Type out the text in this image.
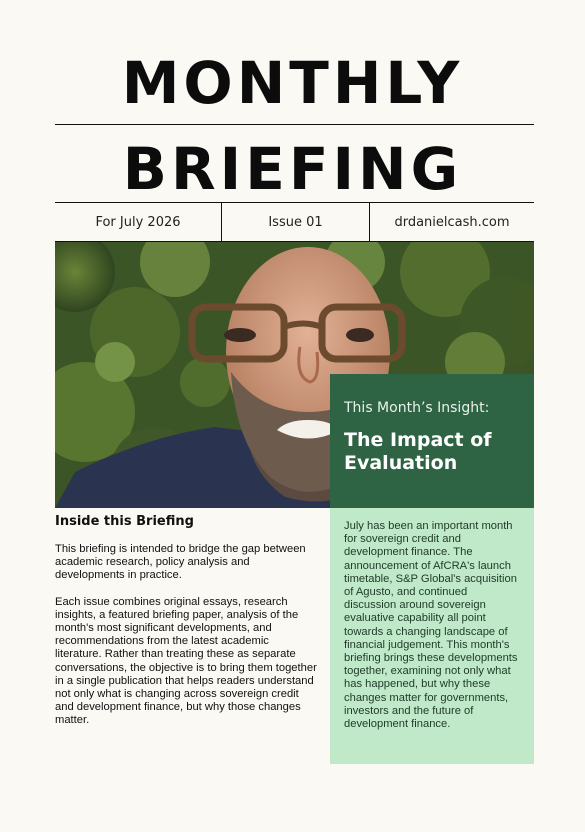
MONTHLY
BRIEFING
For July 2026	Issue 01	drdanielcash.com
This Month’s Insight:
The Impact of Evaluation
July has been an important month for sovereign credit and development finance. The announcement of AfCRA's launch timetable, S&P Global's acquisition of Agusto, and continued discussion around sovereign evaluative capability all point towards a changing landscape of financial judgement. This month's briefing brings these developments together, examining not only what has happened, but why these changes matter for governments, investors and the future of development finance.
Inside this Briefing

This briefing is intended to bridge the gap between academic research, policy analysis and developments in practice.

Each issue combines original essays, research insights, a featured briefing paper, analysis of the month's most significant developments, and recommendations from the latest academic literature. Rather than treating these as separate conversations, the objective is to bring them together in a single publication that helps readers understand not only what is changing across sovereign credit and development finance, but why those changes matter.
